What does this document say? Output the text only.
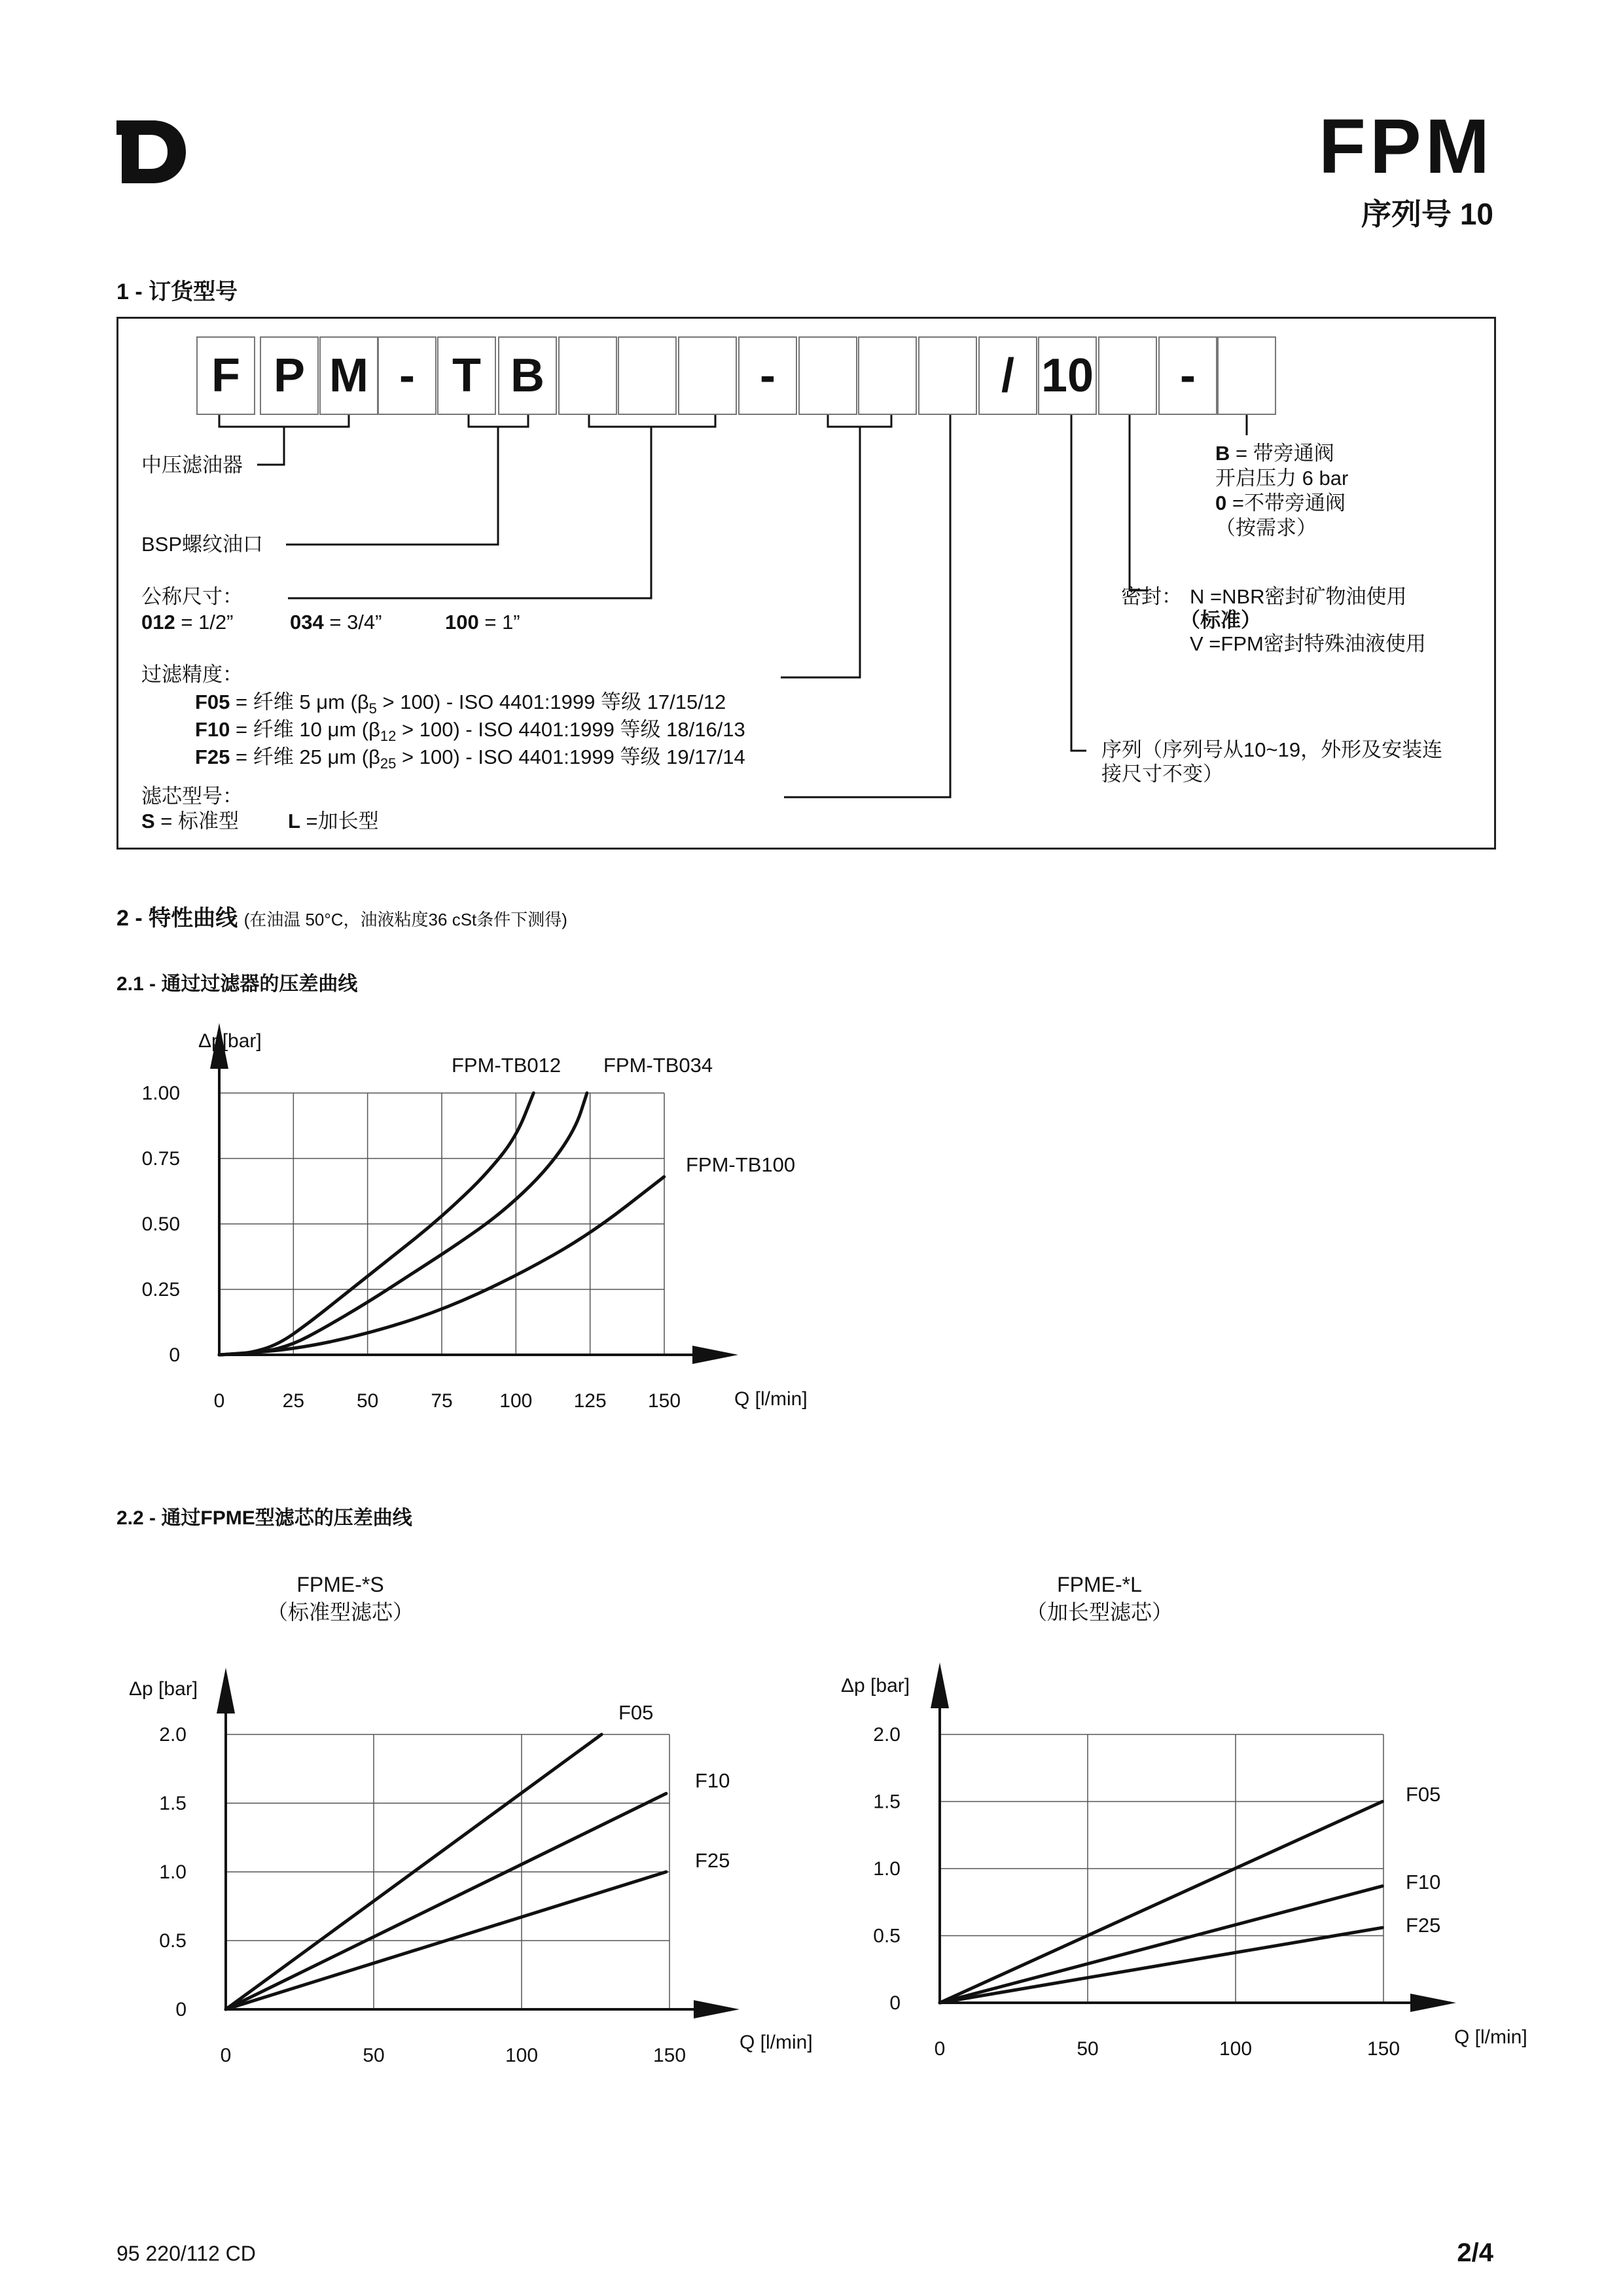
FPM
序列号 10
1 - 订货型号
F P M - T B	-	/ 10	-
中压滤油器
BSP螺纹油口
公称尺寸：
012 = 1/2”	034 = 3/4”	100 = 1”
过滤精度：
F05 = 纤维 5 μm $(\beta_5 > 100)$ - ISO 4401:1999 等级 17/15/12
F10 = 纤维 10 μm $(\beta_{12} > 100)$ - ISO 4401:1999 等级 18/16/13
F25 = 纤维 25 μm $(\beta_{25} > 100)$ - ISO 4401:1999 等级 19/17/14
滤芯型号：
S = 标准型 L =加长型
B = 带旁通阀
开启压力 6 bar
0 =不带旁通阀
（按需求）
密封： N =NBR密封矿物油使用
（标准）
V =FPM密封特殊油液使用
序列（序列号从10~19，外形及安装连
接尺寸不变）
2 - 特性曲线 (在油温 50°C，油液粘度36 cSt条件下测得)
2.1 - 通过过滤器的压差曲线
2.2 - 通过FPME型滤芯的压差曲线
0	25	50	75 100 125 150
0
0.25
0.50
0.75
1.00
Δp[bar]
Q [l/min]
FPM-TB012 FPM-TB034
FPM-TB100
0	50	100	150
0
0.5
1.0
1.5
2.0
Δp [bar]
Q [l/min]
F05
F10
F25
0	50	100	150
0
0.5
1.0
1.5
2.0
Δp [bar]
Q [l/min]
F05
F10
F25
FPME-*S
（标准型滤芯）
FPME-*L
（加长型滤芯）
95 220/112 CD	2/4
